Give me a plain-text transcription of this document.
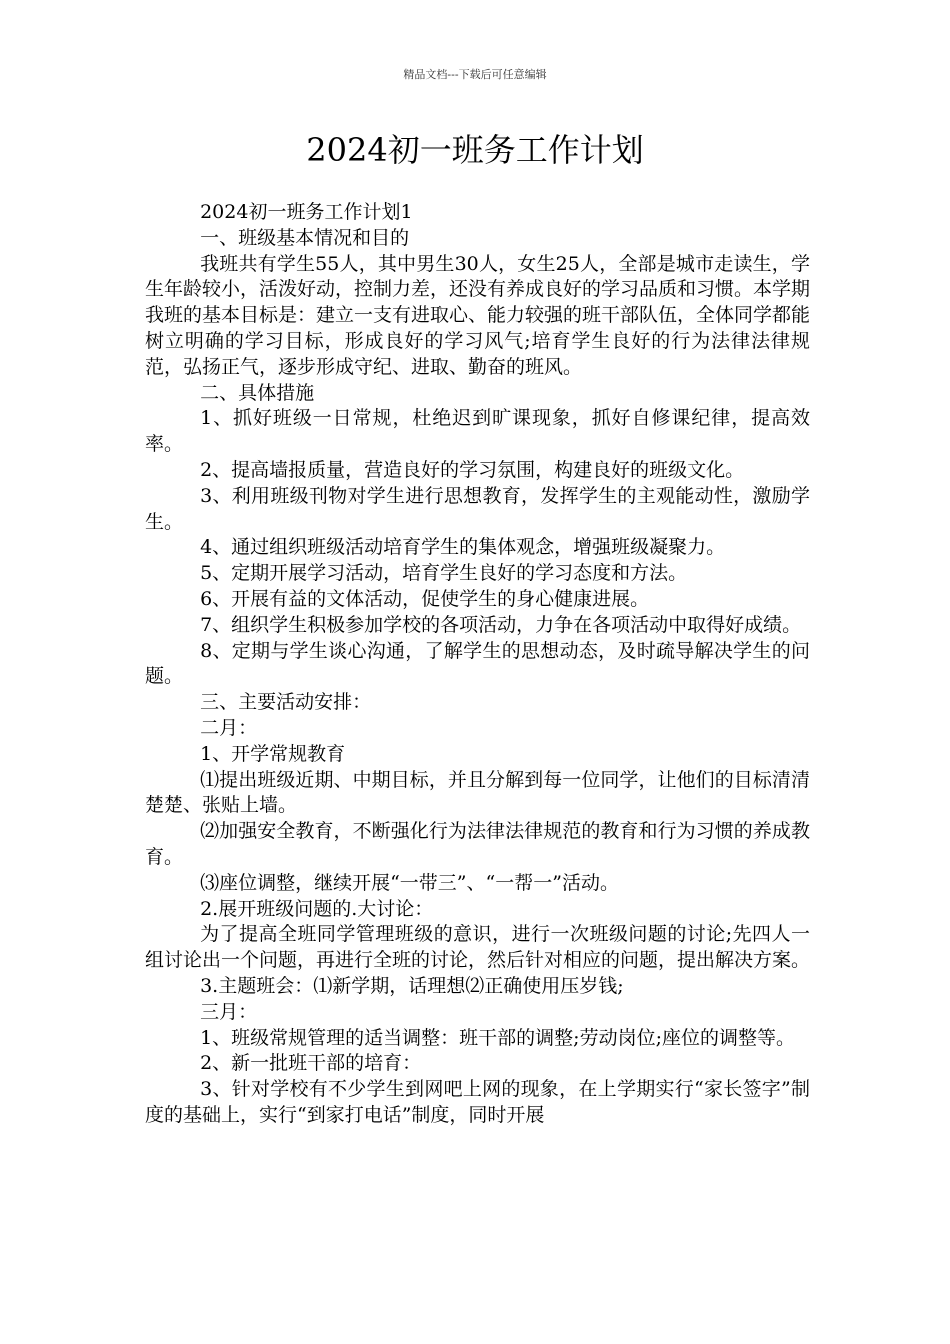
精品文档---下载后可任意编辑
2024初一班务工作计划

2024初一班务工作计划1

一、班级基本情况和目的

我班共有学生55人，其中男生30人，女生25人，全部是城市走读生，学生年龄较小，活泼好动，控制力差，还没有养成良好的学习品质和习惯。本学期我班的基本目标是：建立一支有进取心、能力较强的班干部队伍，全体同学都能树立明确的学习目标，形成良好的学习风气;培育学生良好的行为法律法律规范，弘扬正气，逐步形成守纪、进取、勤奋的班风。

二、具体措施

1、抓好班级一日常规，杜绝迟到旷课现象，抓好自修课纪律，提高效率。

2、提高墙报质量，营造良好的学习氛围，构建良好的班级文化。

3、利用班级刊物对学生进行思想教育，发挥学生的主观能动性，激励学生。

4、通过组织班级活动培育学生的集体观念，增强班级凝聚力。

5、定期开展学习活动，培育学生良好的学习态度和方法。

6、开展有益的文体活动，促使学生的身心健康进展。

7、组织学生积极参加学校的各项活动，力争在各项活动中取得好成绩。

8、定期与学生谈心沟通，了解学生的思想动态，及时疏导解决学生的问题。

三、主要活动安排：

二月：

1、开学常规教育

⑴提出班级近期、中期目标，并且分解到每一位同学，让他们的目标清清楚楚、张贴上墙。

⑵加强安全教育，不断强化行为法律法律规范的教育和行为习惯的养成教育。

⑶座位调整，继续开展“一带三”、“一帮一”活动。

2.展开班级问题的.大讨论：

为了提高全班同学管理班级的意识，进行一次班级问题的讨论;先四人一组讨论出一个问题，再进行全班的讨论，然后针对相应的问题，提出解决方案。

3.主题班会：⑴新学期，话理想⑵正确使用压岁钱;

三月：

1、班级常规管理的适当调整：班干部的调整;劳动岗位;座位的调整等。

2、新一批班干部的培育：

3、针对学校有不少学生到网吧上网的现象，在上学期实行“家长签字”制度的基础上，实行“到家打电话”制度，同时开展
